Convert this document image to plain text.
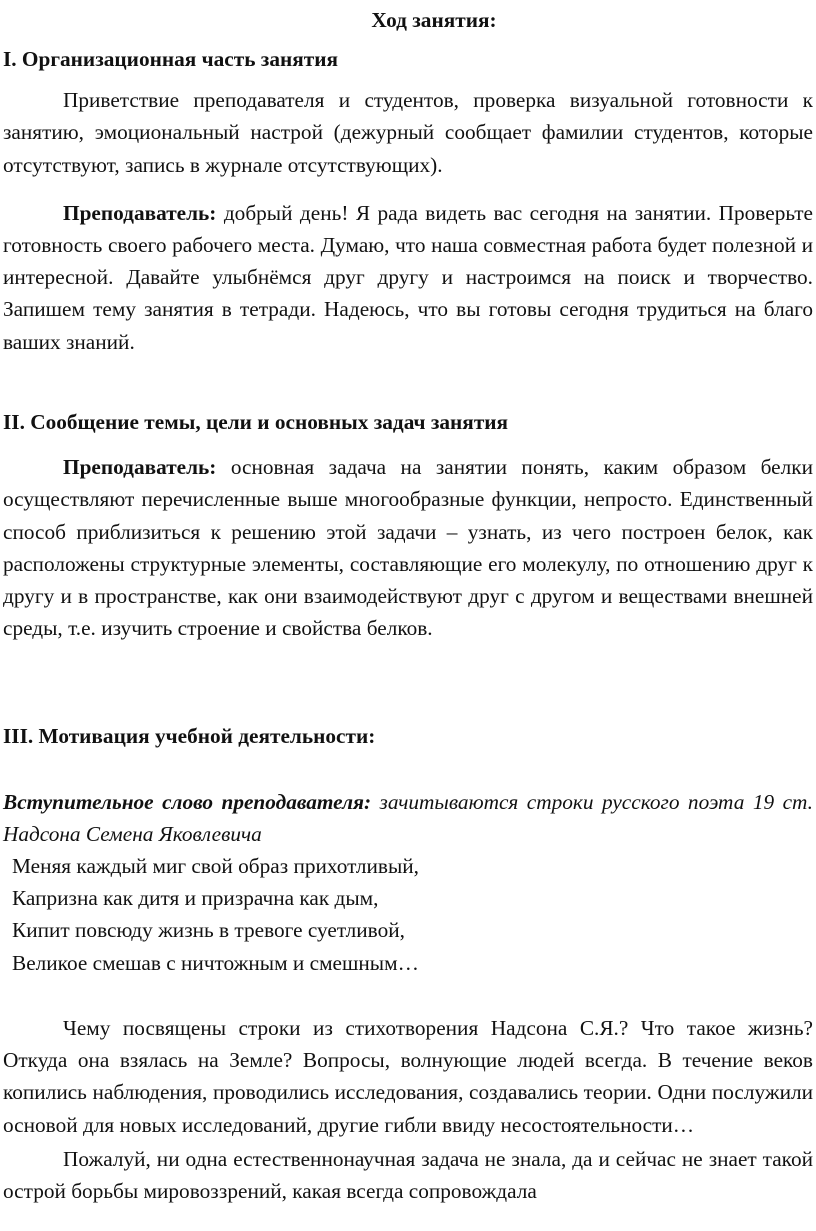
Ход занятия:

I. Организационная часть занятия

Приветствие преподавателя и студентов, проверка визуальной готовности к занятию, эмоциональный настрой (дежурный сообщает фамилии студентов, которые отсутствуют, запись в журнале отсутствующих).

Преподаватель: добрый день! Я рада видеть вас сегодня на занятии. Проверьте готовность своего рабочего места. Думаю, что наша совместная работа будет полезной и интересной. Давайте улыбнёмся друг другу и настроимся на поиск и творчество. Запишем тему занятия в тетради. Надеюсь, что вы готовы сегодня трудиться на благо ваших знаний.

II. Сообщение темы, цели и основных задач занятия

Преподаватель: основная задача на занятии понять, каким образом белки осуществляют перечисленные выше многообразные функции, непросто. Единственный способ приблизиться к решению этой задачи – узнать, из чего построен белок, как расположены структурные элементы, составляющие его молекулу, по отношению друг к другу и в пространстве, как они взаимодействуют друг с другом и веществами внешней среды, т.е. изучить строение и свойства белков.

III. Мотивация учебной деятельности:

Вступительное слово преподавателя: зачитываются строки русского поэта 19 ст. Надсона Семена Яковлевича

Меняя каждый миг свой образ прихотливый,

Капризна как дитя и призрачна как дым,

Кипит повсюду жизнь в тревоге суетливой,

Великое смешав с ничтожным и смешным…

Чему посвящены строки из стихотворения Надсона С.Я.? Что такое жизнь? Откуда она взялась на Земле? Вопросы, волнующие людей всегда. В течение веков копились наблюдения, проводились исследования, создавались теории. Одни послужили основой для новых исследований, другие гибли ввиду несостоятельности…

Пожалуй, ни одна естественнонаучная задача не знала, да и сейчас не знает такой острой борьбы мировоззрений, какая всегда сопровождала
